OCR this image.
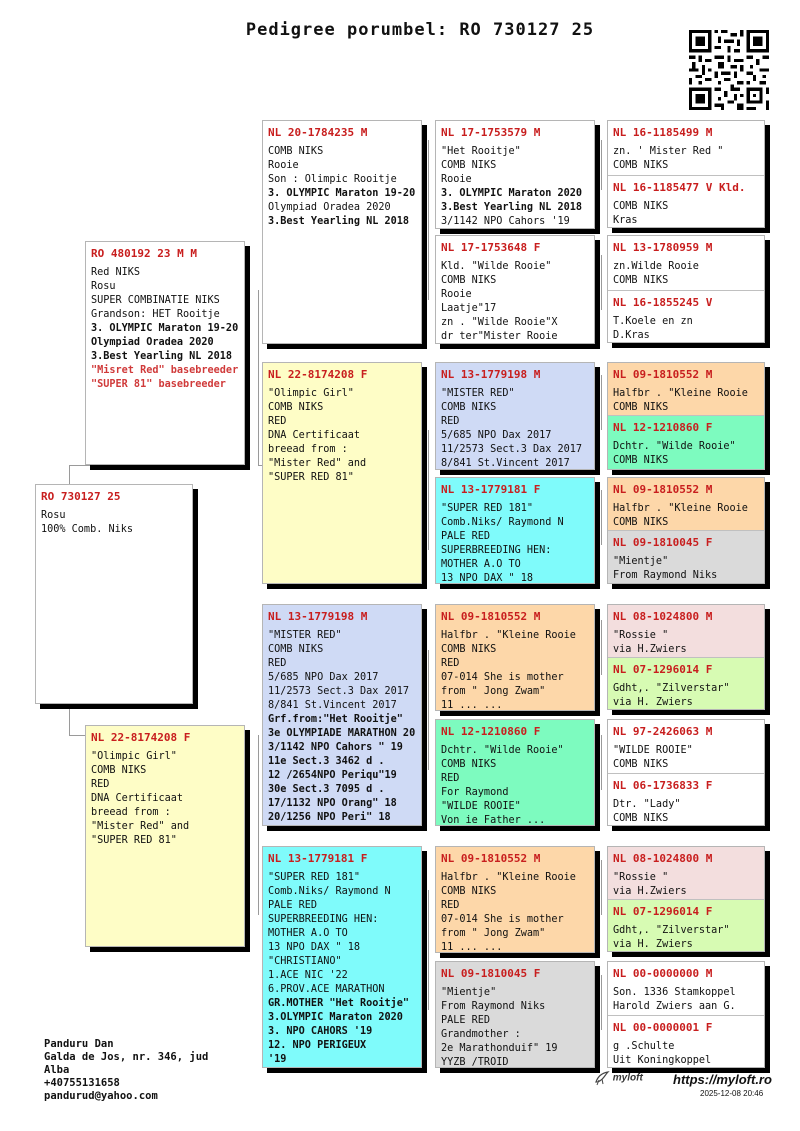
Pedigree porumbel: RO 730127 25
RO 730127 25
Rosu
100% Comb. Niks
RO 480192 23 M M
Red NIKS
Rosu
SUPER COMBINATIE NIKS
Grandson: HET Rooitje
3. OLYMPIC Maraton 19-20
Olympiad Oradea 2020
3.Best Yearling NL 2018
"Misret Red" basebreeder
"SUPER 81" basebreeder
NL 22-8174208 F
"Olimpic Girl"
COMB NIKS
RED
DNA Certificaat
breead from :
"Mister Red" and
"SUPER RED 81"
NL 20-1784235 M
COMB NIKS
Rooie
Son : Olimpic Rooitje
3. OLYMPIC Maraton 19-20
Olympiad Oradea 2020
3.Best Yearling NL 2018
NL 22-8174208 F
"Olimpic Girl"
COMB NIKS
RED
DNA Certificaat
breead from :
"Mister Red" and
"SUPER RED 81"
NL 13-1779198 M
"MISTER RED"
COMB NIKS
RED
5/685 NPO Dax 2017
11/2573 Sect.3 Dax 2017
8/841 St.Vincent 2017
Grf.from:"Het Rooitje"
3e OLYMPIADE MARATHON 20
3/1142 NPO Cahors " 19
11e Sect.3 3462 d .
12 /2654NPO Periqu"19
30e Sect.3 7095 d .
17/1132 NPO Orang" 18
20/1256 NPO Peri" 18
NL 13-1779181 F
"SUPER RED 181"
Comb.Niks/ Raymond N
PALE RED
SUPERBREEDING HEN:
MOTHER A.O TO
13 NPO DAX " 18
"CHRISTIANO"
1.ACE NIC '22
6.PROV.ACE MARATHON
GR.MOTHER "Het Rooitje"
3.OLYMPIC Maraton 2020
3. NPO CAHORS '19
12. NPO PERIGEUX
'19
NL 17-1753579 M
"Het Rooitje"
COMB NIKS
Rooie
3. OLYMPIC Maraton 2020
3.Best Yearling NL 2018
3/1142 NPO Cahors '19
NL 17-1753648 F
Kld. "Wilde Rooie"
COMB NIKS
Rooie
Laatje"17
zn . "Wilde Rooie"X
dr ter"Mister Rooie
NL 13-1779198 M
"MISTER RED"
COMB NIKS
RED
5/685 NPO Dax 2017
11/2573 Sect.3 Dax 2017
8/841 St.Vincent 2017
NL 13-1779181 F
"SUPER RED 181"
Comb.Niks/ Raymond N
PALE RED
SUPERBREEDING HEN:
MOTHER A.O TO
13 NPO DAX " 18
NL 09-1810552 M
Halfbr . "Kleine Rooie
COMB NIKS
RED
07-014 She is mother
from " Jong Zwam"
11 ... ...
NL 12-1210860 F
Dchtr. "Wilde Rooie"
COMB NIKS
RED
For Raymond
"WILDE ROOIE"
Von ie Father ...
NL 09-1810552 M
Halfbr . "Kleine Rooie
COMB NIKS
RED
07-014 She is mother
from " Jong Zwam"
11 ... ...
NL 09-1810045 F
"Mientje"
From Raymond Niks
PALE RED
Grandmother :
2e Marathonduif" 19
YYZB /TROID
NL 16-1185499 M
zn. ' Mister Red "
COMB NIKS
NL 16-1185477 V Kld.
COMB NIKS
Kras
NL 13-1780959 M
zn.Wilde Rooie
COMB NIKS
NL 16-1855245 V
T.Koele en zn
D.Kras
NL 09-1810552 M
Halfbr . "Kleine Rooie
COMB NIKS
NL 12-1210860 F
Dchtr. "Wilde Rooie"
COMB NIKS
NL 09-1810552 M
Halfbr . "Kleine Rooie
COMB NIKS
NL 09-1810045 F
"Mientje"
From Raymond Niks
NL 08-1024800 M
"Rossie "
via H.Zwiers
NL 07-1296014 F
Gdht,. "Zilverstar"
via H. Zwiers
NL 97-2426063 M
"WILDE ROOIE"
COMB NIKS
NL 06-1736833 F
Dtr. "Lady"
COMB NIKS
NL 08-1024800 M
"Rossie "
via H.Zwiers
NL 07-1296014 F
Gdht,. "Zilverstar"
via H. Zwiers
NL 00-0000000 M
Son. 1336 Stamkoppel
Harold Zwiers aan G.
NL 00-0000001 F
g .Schulte
Uit Koningkoppel
Panduru Dan
Galda de Jos, nr. 346, jud
Alba
+40755131658
pandurud@yahoo.com
myloft https://myloft.ro
2025-12-08 20:46
